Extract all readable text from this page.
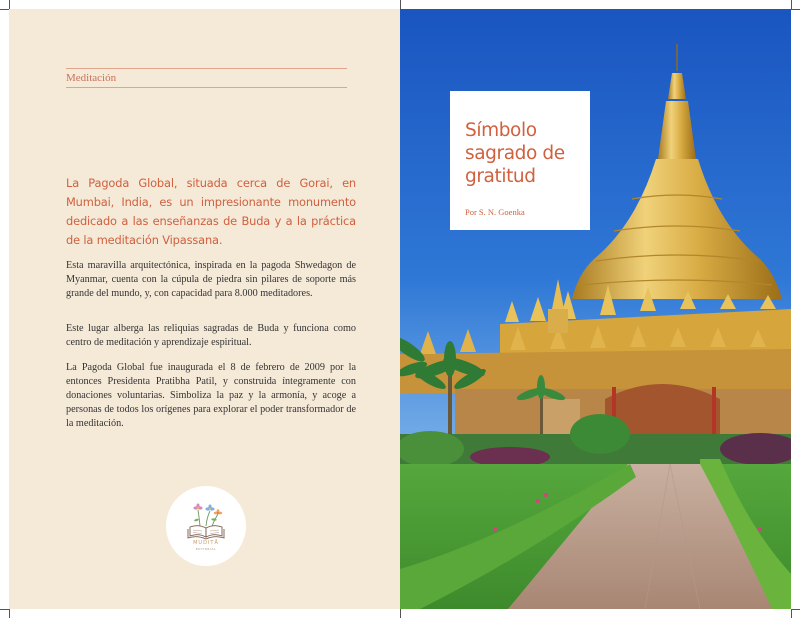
Meditación

La Pagoda Global, situada cerca de Gorai, en Mumbai, India, es un impresionante monumento dedicado a las enseñanzas de Buda y a la práctica de la meditación Vipassana.

Esta maravilla arquitectónica, inspirada en la pagoda Shwedagon de Myanmar, cuenta con la cúpula de piedra sin pilares de soporte más grande del mundo, y, con capacidad para 8.000 meditadores.

Este lugar alberga las reliquias sagradas de Buda y funciona como centro de meditación y aprendizaje espiritual.

La Pagoda Global fue inaugurada el 8 de febrero de 2009 por la entonces Presidenta Pratibha Patil, y construida íntegramente con donaciones voluntarias. Simboliza la paz y la armonía, y acoge a personas de todos los orígenes para explorar el poder transformador de la meditación.

MUDITĀ
EDITORIAL
Símbolo sagrado de gratitud
Por S. N. Goenka
